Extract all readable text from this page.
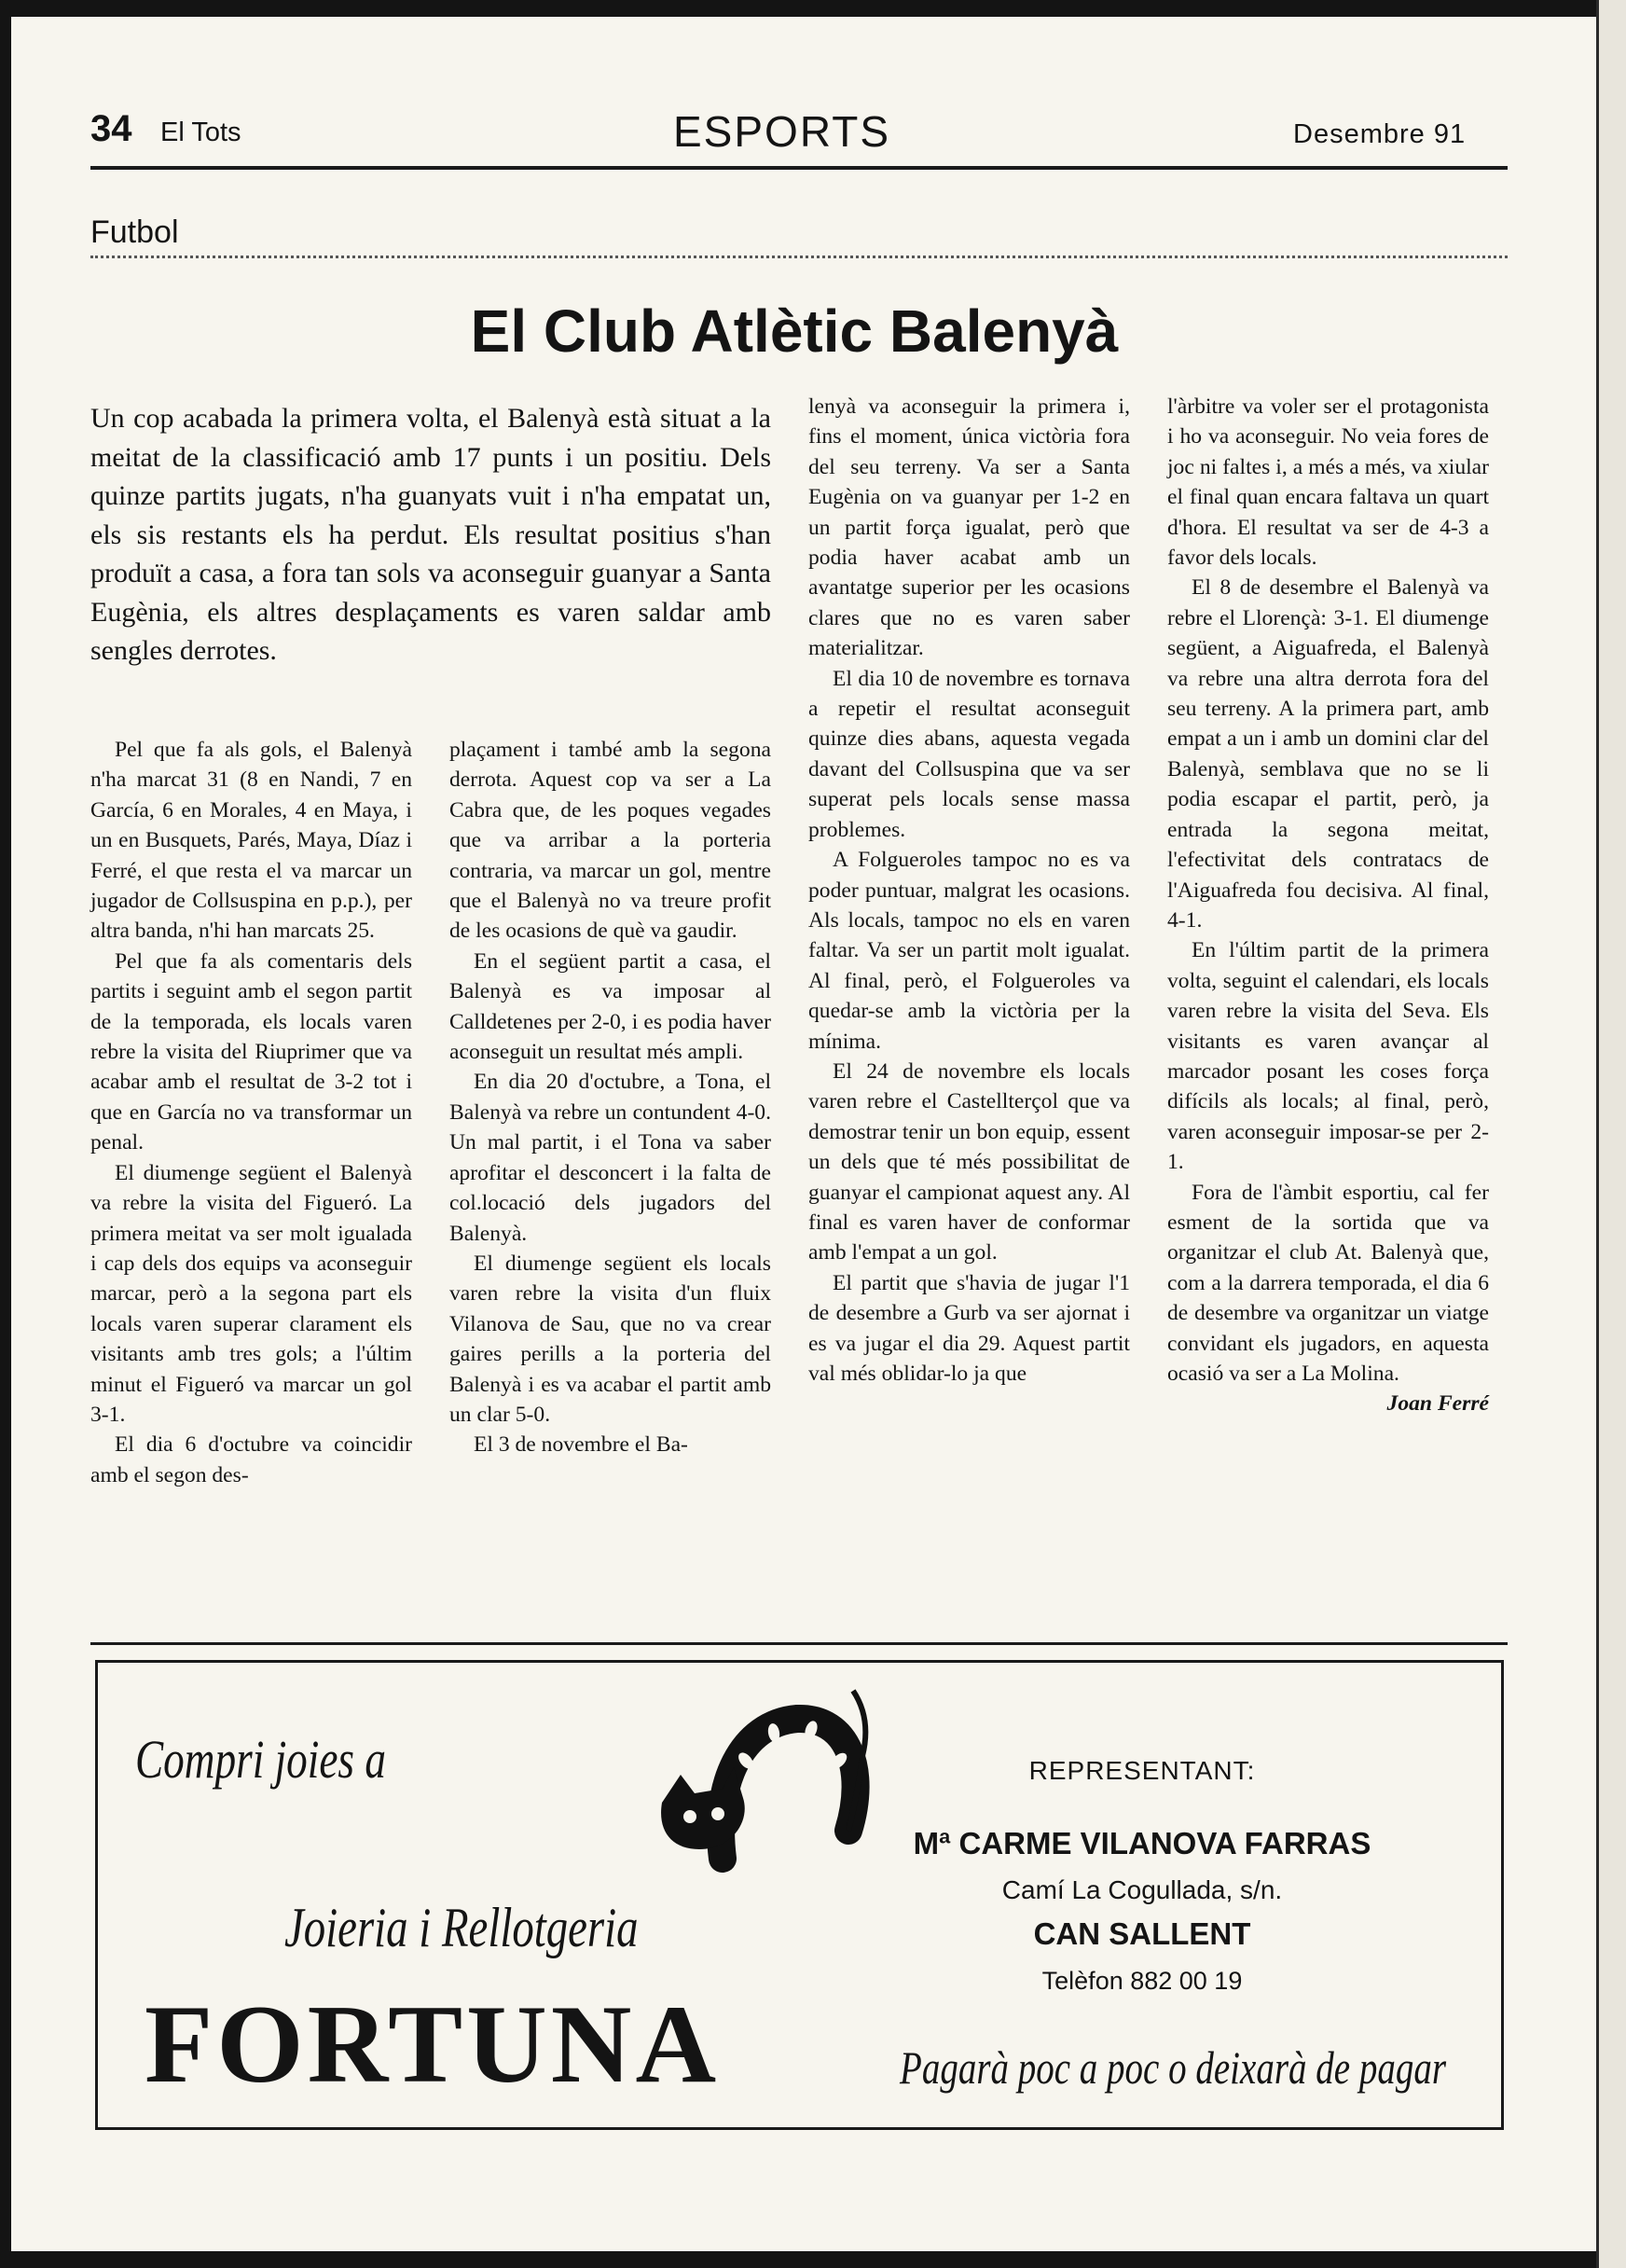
34 El Tots	ESPORTS	Desembre 91
Futbol
El Club Atlètic Balenyà
Un cop acabada la primera volta, el Balenyà està situat a la meitat de la classificació amb 17 punts i un positiu. Dels quinze partits jugats, n'ha guanyats vuit i n'ha empatat un, els sis restants els ha perdut. Els resultat positius s'han produït a casa, a fora tan sols va aconseguir guanyar a Santa Eugènia, els altres desplaçaments es varen saldar amb sengles derrotes.

Pel que fa als gols, el Balenyà n'ha marcat 31 (8 en Nandi, 7 en García, 6 en Morales, 4 en Maya, i un en Busquets, Parés, Maya, Díaz i Ferré, el que resta el va marcar un jugador de Collsuspina en p.p.), per altra banda, n'hi han marcats 25.

Pel que fa als comentaris dels partits i seguint amb el segon partit de la temporada, els locals varen rebre la visita del Riuprimer que va acabar amb el resultat de 3-2 tot i que en García no va transformar un penal.

El diumenge següent el Balenyà va rebre la visita del Figueró. La primera meitat va ser molt igualada i cap dels dos equips va aconseguir marcar, però a la segona part els locals varen superar clarament els visitants amb tres gols; a l'últim minut el Figueró va marcar un gol 3-1.

El dia 6 d'octubre va coincidir amb el segon des-

plaçament i també amb la segona derrota. Aquest cop va ser a La Cabra que, de les poques vegades que va arribar a la porteria contraria, va marcar un gol, mentre que el Balenyà no va treure profit de les ocasions de què va gaudir.

En el següent partit a casa, el Balenyà es va imposar al Calldetenes per 2-0, i es podia haver aconseguit un resultat més ampli.

En dia 20 d'octubre, a Tona, el Balenyà va rebre un contundent 4-0. Un mal partit, i el Tona va saber aprofitar el desconcert i la falta de col.locació dels jugadors del Balenyà.

El diumenge següent els locals varen rebre la visita d'un fluix Vilanova de Sau, que no va crear gaires perills a la porteria del Balenyà i es va acabar el partit amb un clar 5-0.

El 3 de novembre el Ba-

lenyà va aconseguir la primera i, fins el moment, única victòria fora del seu terreny. Va ser a Santa Eugènia on va guanyar per 1-2 en un partit força igualat, però que podia haver acabat amb un avantatge superior per les ocasions clares que no es varen saber materialitzar.

El dia 10 de novembre es tornava a repetir el resultat aconseguit quinze dies abans, aquesta vegada davant del Collsuspina que va ser superat pels locals sense massa problemes.

A Folgueroles tampoc no es va poder puntuar, malgrat les ocasions. Als locals, tampoc no els en varen faltar. Va ser un partit molt igualat. Al final, però, el Folgueroles va quedar-se amb la victòria per la mínima.

El 24 de novembre els locals varen rebre el Castellterçol que va demostrar tenir un bon equip, essent un dels que té més possibilitat de guanyar el campionat aquest any. Al final es varen haver de conformar amb l'empat a un gol.

El partit que s'havia de jugar l'1 de desembre a Gurb va ser ajornat i es va jugar el dia 29. Aquest partit val més oblidar-lo ja que

l'àrbitre va voler ser el protagonista i ho va aconseguir. No veia fores de joc ni faltes i, a més a més, va xiular el final quan encara faltava un quart d'hora. El resultat va ser de 4-3 a favor dels locals.

El 8 de desembre el Balenyà va rebre el Llorençà: 3-1. El diumenge següent, a Aiguafreda, el Balenyà va rebre una altra derrota fora del seu terreny. A la primera part, amb empat a un i amb un domini clar del Balenyà, semblava que no se li podia escapar el partit, però, ja entrada la segona meitat, l'efectivitat dels contratacs de l'Aiguafreda fou decisiva. Al final, 4-1.

En l'últim partit de la primera volta, seguint el calendari, els locals varen rebre la visita del Seva. Els visitants es varen avançar al marcador posant les coses força difícils als locals; al final, però, varen aconseguir imposar-se per 2-1.

Fora de l'àmbit esportiu, cal fer esment de la sortida que va organitzar el club At. Balenyà que, com a la darrera temporada, el dia 6 de desembre va organitzar un viatge convidant els jugadors, en aquesta ocasió va ser a La Molina.

Joan Ferré

Compri joies a
Joieria i Rellotgeria
FORTUNA
REPRESENTANT:
Mª CARME VILANOVA FARRAS
Camí La Cogullada, s/n.
CAN SALLENT
Telèfon 882 00 19
Pagarà poc a poc o deixarà de pagar
